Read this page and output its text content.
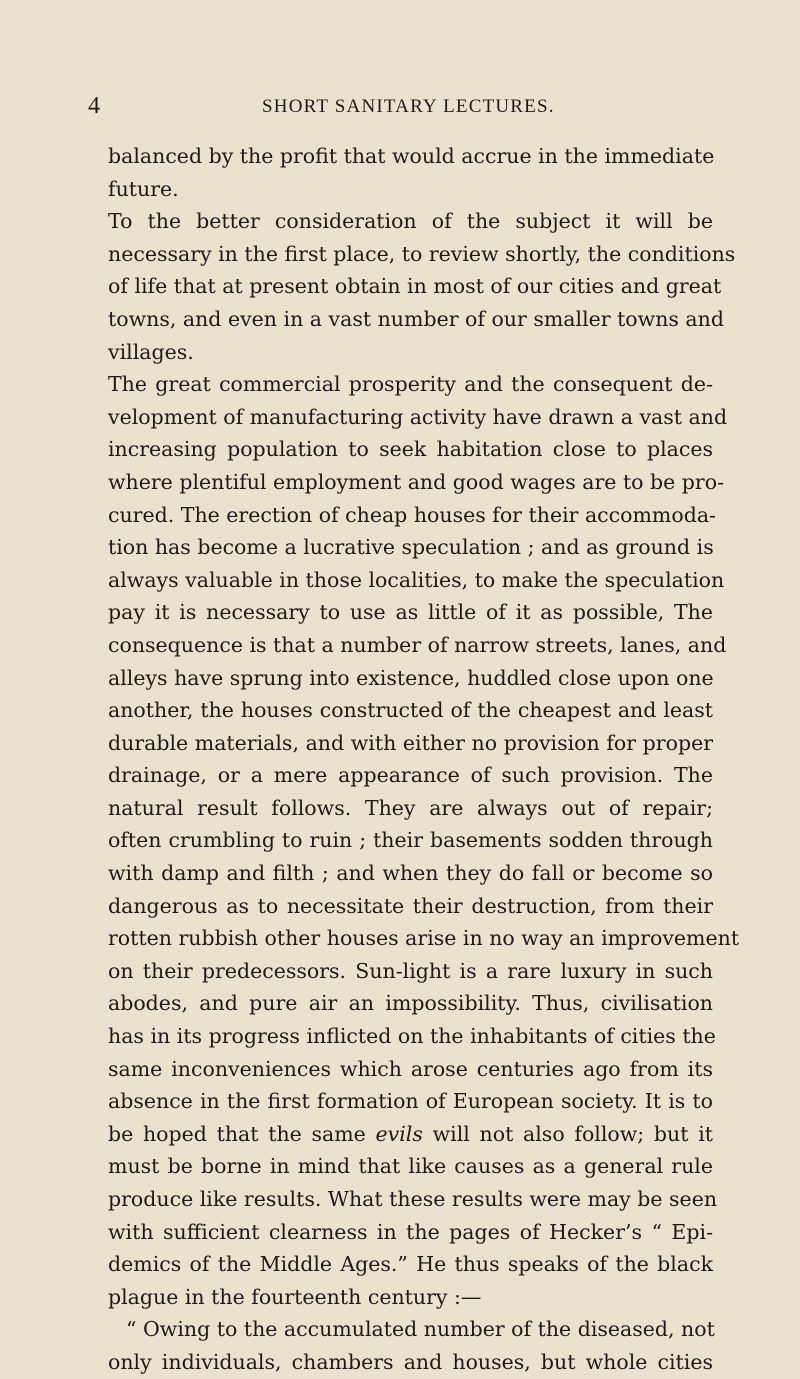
4	SHORT SANITARY LECTURES.
balanced by the profit that would accrue in the immediate
future.
To the better consideration of the subject it will be
necessary in the first place, to review shortly, the conditions
of life that at present obtain in most of our cities and great
towns, and even in a vast number of our smaller towns and
villages.
The great commercial prosperity and the consequent de-
velopment of manufacturing activity have drawn a vast and
increasing population to seek habitation close to places
where plentiful employment and good wages are to be pro-
cured. The erection of cheap houses for their accommoda-
tion has become a lucrative speculation ; and as ground is
always valuable in those localities, to make the speculation
pay it is necessary to use as little of it as possible, The
consequence is that a number of narrow streets, lanes, and
alleys have sprung into existence, huddled close upon one
another, the houses constructed of the cheapest and least
durable materials, and with either no provision for proper
drainage, or a mere appearance of such provision. The
natural result follows. They are always out of repair;
often crumbling to ruin ; their basements sodden through
with damp and filth ; and when they do fall or become so
dangerous as to necessitate their destruction, from their
rotten rubbish other houses arise in no way an improvement
on their predecessors. Sun-light is a rare luxury in such
abodes, and pure air an impossibility. Thus, civilisation
has in its progress inflicted on the inhabitants of cities the
same inconveniences which arose centuries ago from its
absence in the first formation of European society. It is to
be hoped that the same evils will not also follow; but it
must be borne in mind that like causes as a general rule
produce like results. What these results were may be seen
with sufficient clearness in the pages of Hecker’s “ Epi-
demics of the Middle Ages.” He thus speaks of the black
plague in the fourteenth century :—
“ Owing to the accumulated number of the diseased, not
only individuals, chambers and houses, but whole cities
